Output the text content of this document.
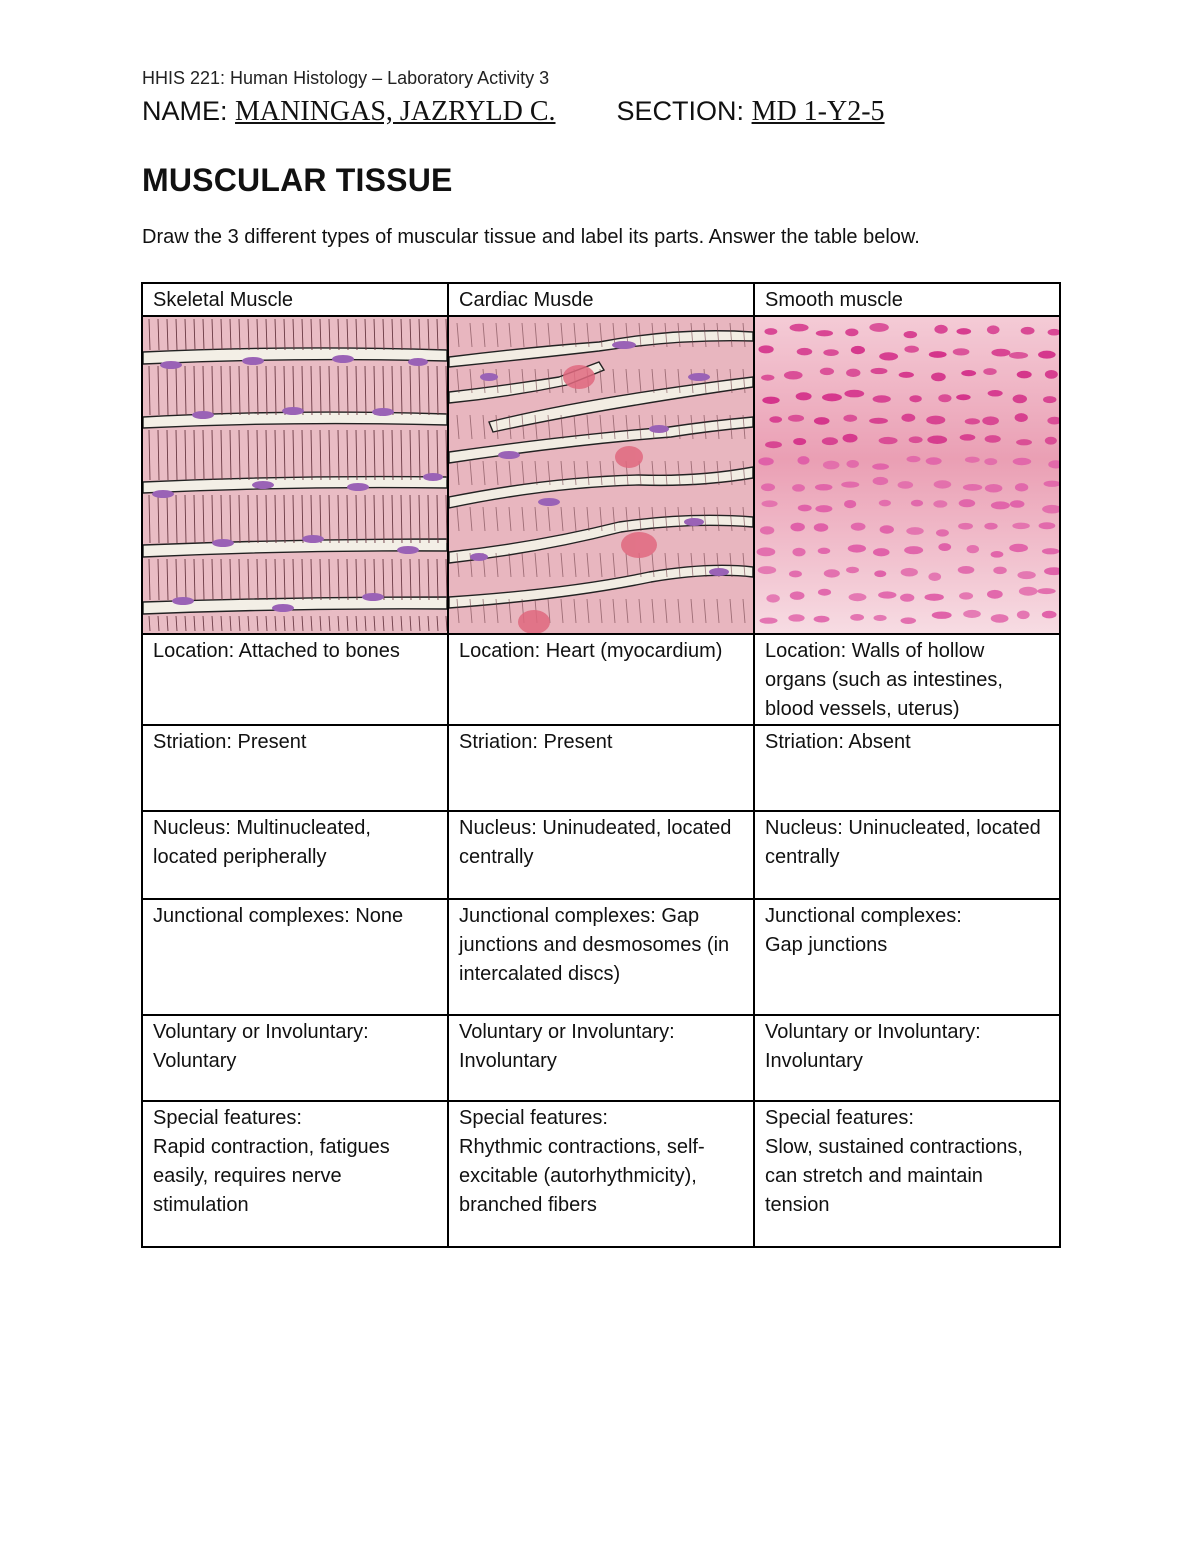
HHIS 221: Human Histology – Laboratory Activity 3
NAME: MANINGAS, JAZRYLD C. SECTION: MD 1-Y2-5
MUSCULAR TISSUE
Draw the 3 different types of muscular tissue and label its parts. Answer the table below.
Skeletal Muscle	Cardiac Musde	Smooth muscle

Location: Attached to bones	Location: Heart (myocardium)	Location: Walls of hollow organs (such as intestines, blood vessels, uterus)
Striation: Present	Striation: Present	Striation: Absent
Nucleus: Multinucleated, located peripherally	Nucleus: Uninudeated, located centrally	Nucleus: Uninucleated, located centrally
Junctional complexes: None	Junctional complexes: Gap junctions and desmosomes (in intercalated discs)	Junctional complexes:
Gap junctions
Voluntary or Involuntary:
Voluntary	Voluntary or Involuntary:
Involuntary	Voluntary or Involuntary:
Involuntary
Special features:
Rapid contraction, fatigues easily, requires nerve stimulation	Special features:
Rhythmic contractions, self-excitable (autorhythmicity), branched fibers	Special features:
Slow, sustained contractions, can stretch and maintain tension
